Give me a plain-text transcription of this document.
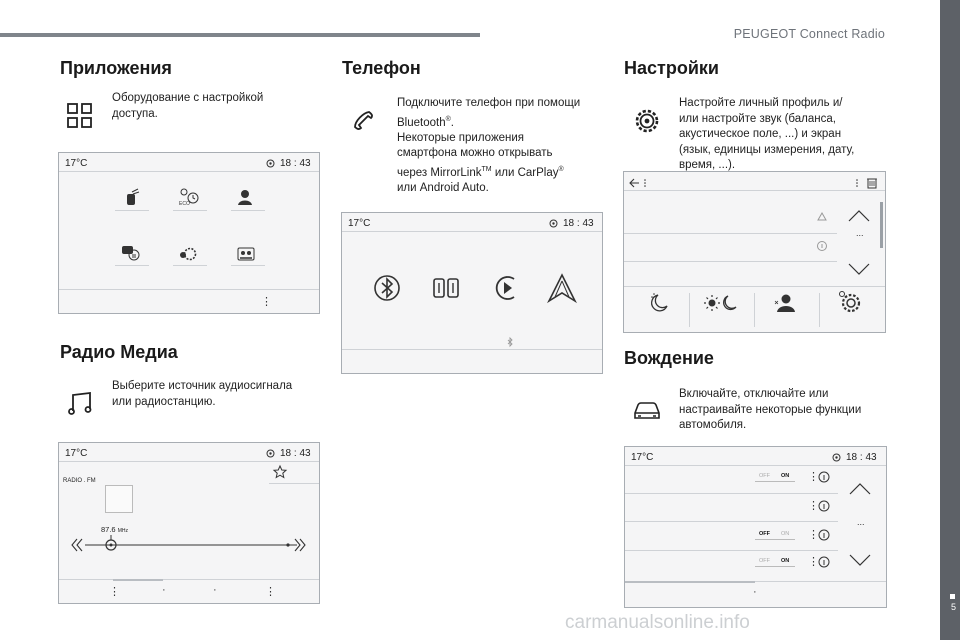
PEUGEOT Connect Radio
5
Приложения
Оборудование с настройкой
доступа.
17°C	18 : 43
ECO
⋮
Радио Медиа
Выберите источник аудиосигнала
или радиостанцию.
17°C	18 : 43
RADIO . FM
87.6 MHz
⋮	·	·	⋮
Телефон
Подключите телефон при помощи
Bluetooth®.
Некоторые приложения
смартфона можно открывать
через MirrorLink™ или CarPlay®
или Android Auto.
17°C	18 : 43
Настройки
Настройте личный профиль и/
или настройте звук (баланса,
акустическое поле, ...) и экран
(язык, единицы измерения, дату,
время, ...).
...
Вождение
Включайте, отключайте или
настраивайте некоторые функции
автомобиля.
17°C	18 : 43
OFF ON ⋮
⋮
OFF ON ⋮
OFF ON ⋮
...
·
carmanualsonline.info
